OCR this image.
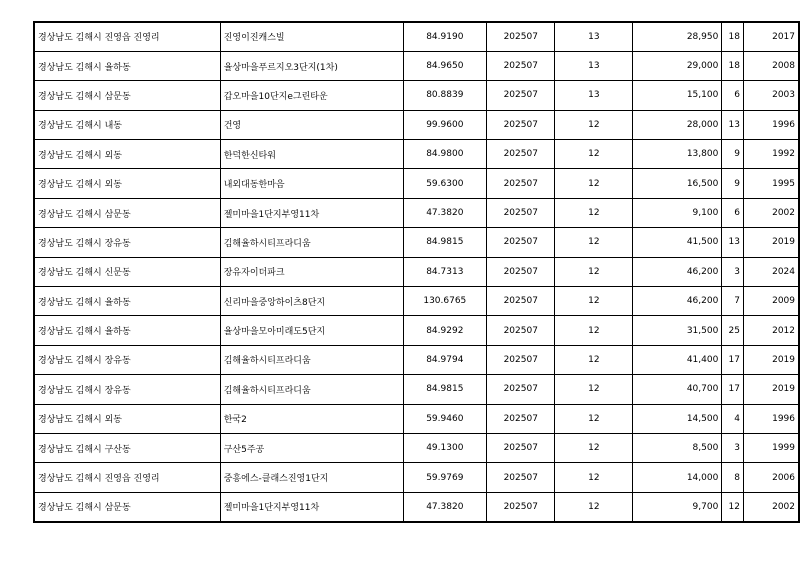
경상남도 김해시 진영읍 진영리	진영이진캐스빌	84.9190	202507	13	28,950	18	2017
경상남도 김해시 율하동	율상마을푸르지오3단지(1차)	84.9650	202507	13	29,000	18	2008
경상남도 김해시 삼문동	갑오마을10단지e그린타운	80.8839	202507	13	15,100	6	2003
경상남도 김해시 내동	건영	99.9600	202507	12	28,000	13	1996
경상남도 김해시 외동	한덕한신타워	84.9800	202507	12	13,800	9	1992
경상남도 김해시 외동	내외대동한마음	59.6300	202507	12	16,500	9	1995
경상남도 김해시 삼문동	젤미마을1단지부영11차	47.3820	202507	12	9,100	6	2002
경상남도 김해시 장유동	김해율하시티프라디움	84.9815	202507	12	41,500	13	2019
경상남도 김해시 신문동	장유자이더파크	84.7313	202507	12	46,200	3	2024
경상남도 김해시 율하동	신리마을중앙하이츠8단지	130.6765	202507	12	46,200	7	2009
경상남도 김해시 율하동	율상마을모아미래도5단지	84.9292	202507	12	31,500	25	2012
경상남도 김해시 장유동	김해율하시티프라디움	84.9794	202507	12	41,400	17	2019
경상남도 김해시 장유동	김해율하시티프라디움	84.9815	202507	12	40,700	17	2019
경상남도 김해시 외동	한국2	59.9460	202507	12	14,500	4	1996
경상남도 김해시 구산동	구산5주공	49.1300	202507	12	8,500	3	1999
경상남도 김해시 진영읍 진영리	중흥에스-클래스진영1단지	59.9769	202507	12	14,000	8	2006
경상남도 김해시 삼문동	젤미마을1단지부영11차	47.3820	202507	12	9,700	12	2002
